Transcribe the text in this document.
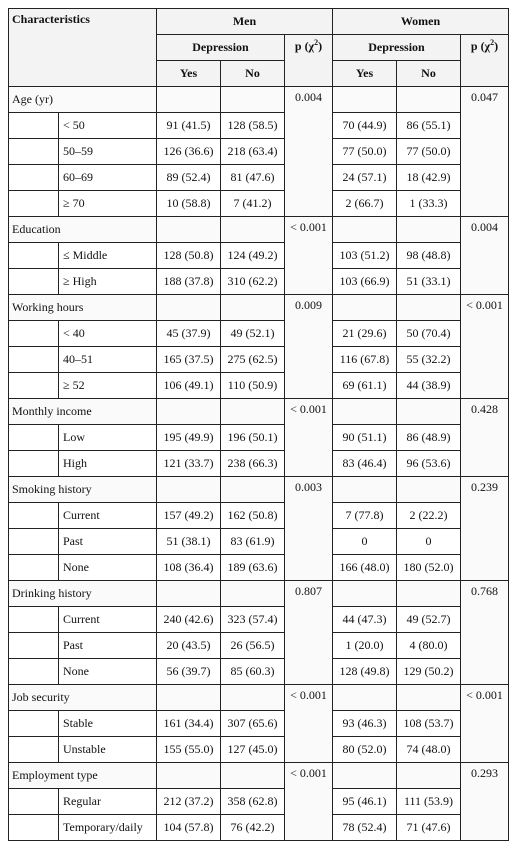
Characteristics		Men			Women		
		Depression		p $(\chi^2)$	Depression		p $(\chi^2)$
		Yes	No		Yes	No	
Age (yr)				0.004			0.047
	< 50	91 (41.5)	128 (58.5)		70 (44.9)	86 (55.1)	
	50–59	126 (36.6)	218 (63.4)		77 (50.0)	77 (50.0)	
	60–69	89 (52.4)	81 (47.6)		24 (57.1)	18 (42.9)	
	≥ 70	10 (58.8)	7 (41.2)		2 (66.7)	1 (33.3)	
Education				< 0.001			0.004
	≤ Middle	128 (50.8)	124 (49.2)		103 (51.2)	98 (48.8)	
	≥ High	188 (37.8)	310 (62.2)		103 (66.9)	51 (33.1)	
Working hours				0.009			< 0.001
	< 40	45 (37.9)	49 (52.1)		21 (29.6)	50 (70.4)	
	40–51	165 (37.5)	275 (62.5)		116 (67.8)	55 (32.2)	
	≥ 52	106 (49.1)	110 (50.9)		69 (61.1)	44 (38.9)	
Monthly income				< 0.001			0.428
	Low	195 (49.9)	196 (50.1)		90 (51.1)	86 (48.9)	
	High	121 (33.7)	238 (66.3)		83 (46.4)	96 (53.6)	
Smoking history				0.003			0.239
	Current	157 (49.2)	162 (50.8)		7 (77.8)	2 (22.2)	
	Past	51 (38.1)	83 (61.9)		0	0	
	None	108 (36.4)	189 (63.6)		166 (48.0)	180 (52.0)	
Drinking history				0.807			0.768
	Current	240 (42.6)	323 (57.4)		44 (47.3)	49 (52.7)	
	Past	20 (43.5)	26 (56.5)		1 (20.0)	4 (80.0)	
	None	56 (39.7)	85 (60.3)		128 (49.8)	129 (50.2)	
Job security				< 0.001			< 0.001
	Stable	161 (34.4)	307 (65.6)		93 (46.3)	108 (53.7)	
	Unstable	155 (55.0)	127 (45.0)		80 (52.0)	74 (48.0)	
Employment type				< 0.001			0.293
	Regular	212 (37.2)	358 (62.8)		95 (46.1)	111 (53.9)	
	Temporary/daily	104 (57.8)	76 (42.2)		78 (52.4)	71 (47.6)	
